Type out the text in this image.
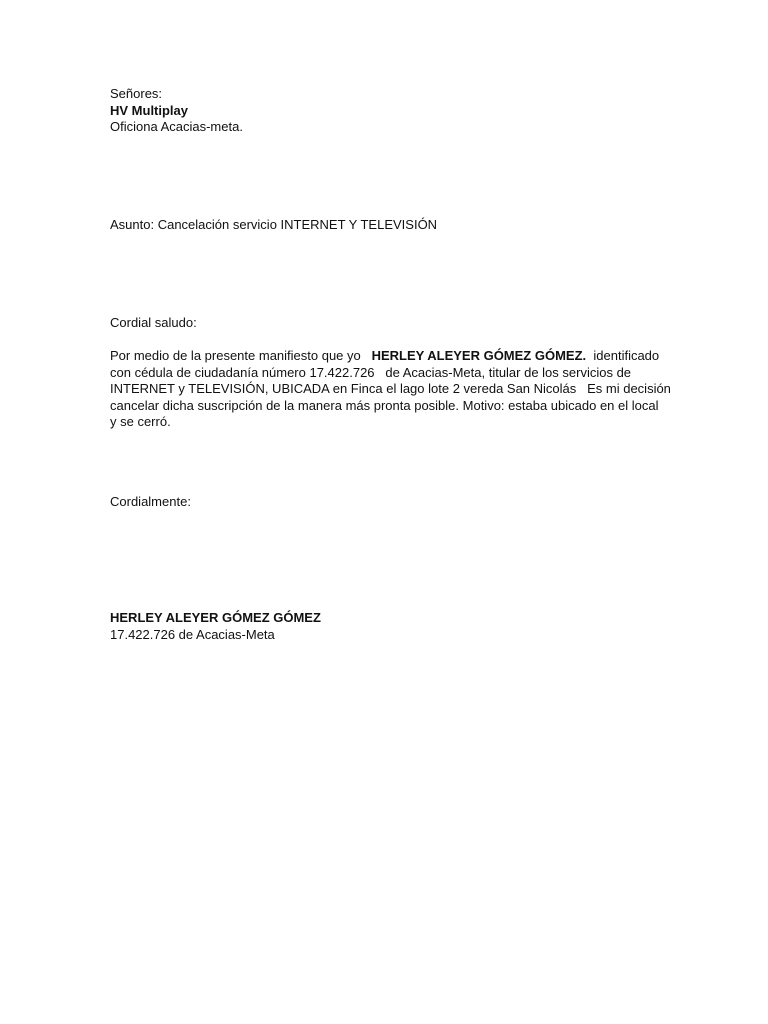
Señores:
HV Multiplay
Oficiona Acacias-meta.
Asunto: Cancelación servicio INTERNET Y TELEVISIÓN
Cordial saludo:
Por medio de la presente manifiesto que yo   HERLEY ALEYER GÓMEZ GÓMEZ.  identificado
con cédula de ciudadanía número 17.422.726   de Acacias-Meta, titular de los servicios de
INTERNET y TELEVISIÓN, UBICADA en Finca el lago lote 2 vereda San Nicolás   Es mi decisión
cancelar dicha suscripción de la manera más pronta posible. Motivo: estaba ubicado en el local
y se cerró.
Cordialmente:
HERLEY ALEYER GÓMEZ GÓMEZ
17.422.726 de Acacias-Meta
